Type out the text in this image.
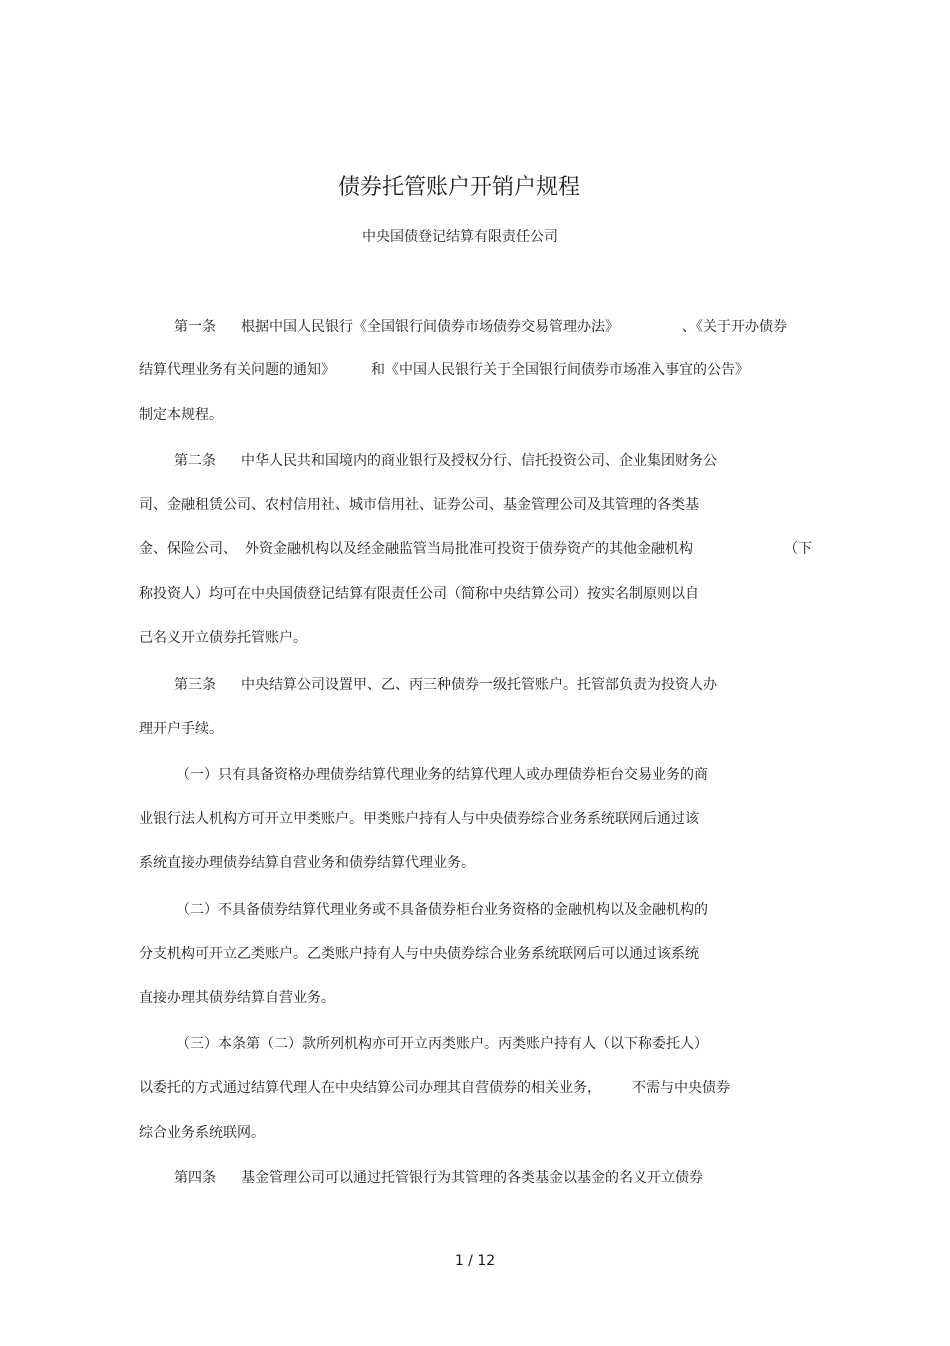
债券托管账户开销户规程
中央国债登记结算有限责任公司
第一条 根据中国人民银行《全国银行间债券市场债券交易管理办法》	、《关于开办债券
结算代理业务有关问题的通知》	和《中国人民银行关于全国银行间债券市场准入事宜的公告》
制定本规程。
第二条 中华人民共和国境内的商业银行及授权分行、信托投资公司、企业集团财务公
司、金融租赁公司、农村信用社、城市信用社、证券公司、基金管理公司及其管理的各类基
金、保险公司、 外资金融机构以及经金融监管当局批准可投资于债券资产的其他金融机构	（下
称投资人）均可在中央国债登记结算有限责任公司（简称中央结算公司）按实名制原则以自
己名义开立债券托管账户。
第三条 中央结算公司设置甲、乙、丙三种债券一级托管账户。托管部负责为投资人办
理开户手续。
（一）只有具备资格办理债券结算代理业务的结算代理人或办理债券柜台交易业务的商
业银行法人机构方可开立甲类账户。甲类账户持有人与中央债券综合业务系统联网后通过该
系统直接办理债券结算自营业务和债券结算代理业务。
（二）不具备债券结算代理业务或不具备债券柜台业务资格的金融机构以及金融机构的
分支机构可开立乙类账户。乙类账户持有人与中央债券综合业务系统联网后可以通过该系统
直接办理其债券结算自营业务。
（三）本条第（二）款所列机构亦可开立丙类账户。丙类账户持有人（以下称委托人）
以委托的方式通过结算代理人在中央结算公司办理其自营债券的相关业务， 不需与中央债券
综合业务系统联网。
第四条 基金管理公司可以通过托管银行为其管理的各类基金以基金的名义开立债券
1 / 12
